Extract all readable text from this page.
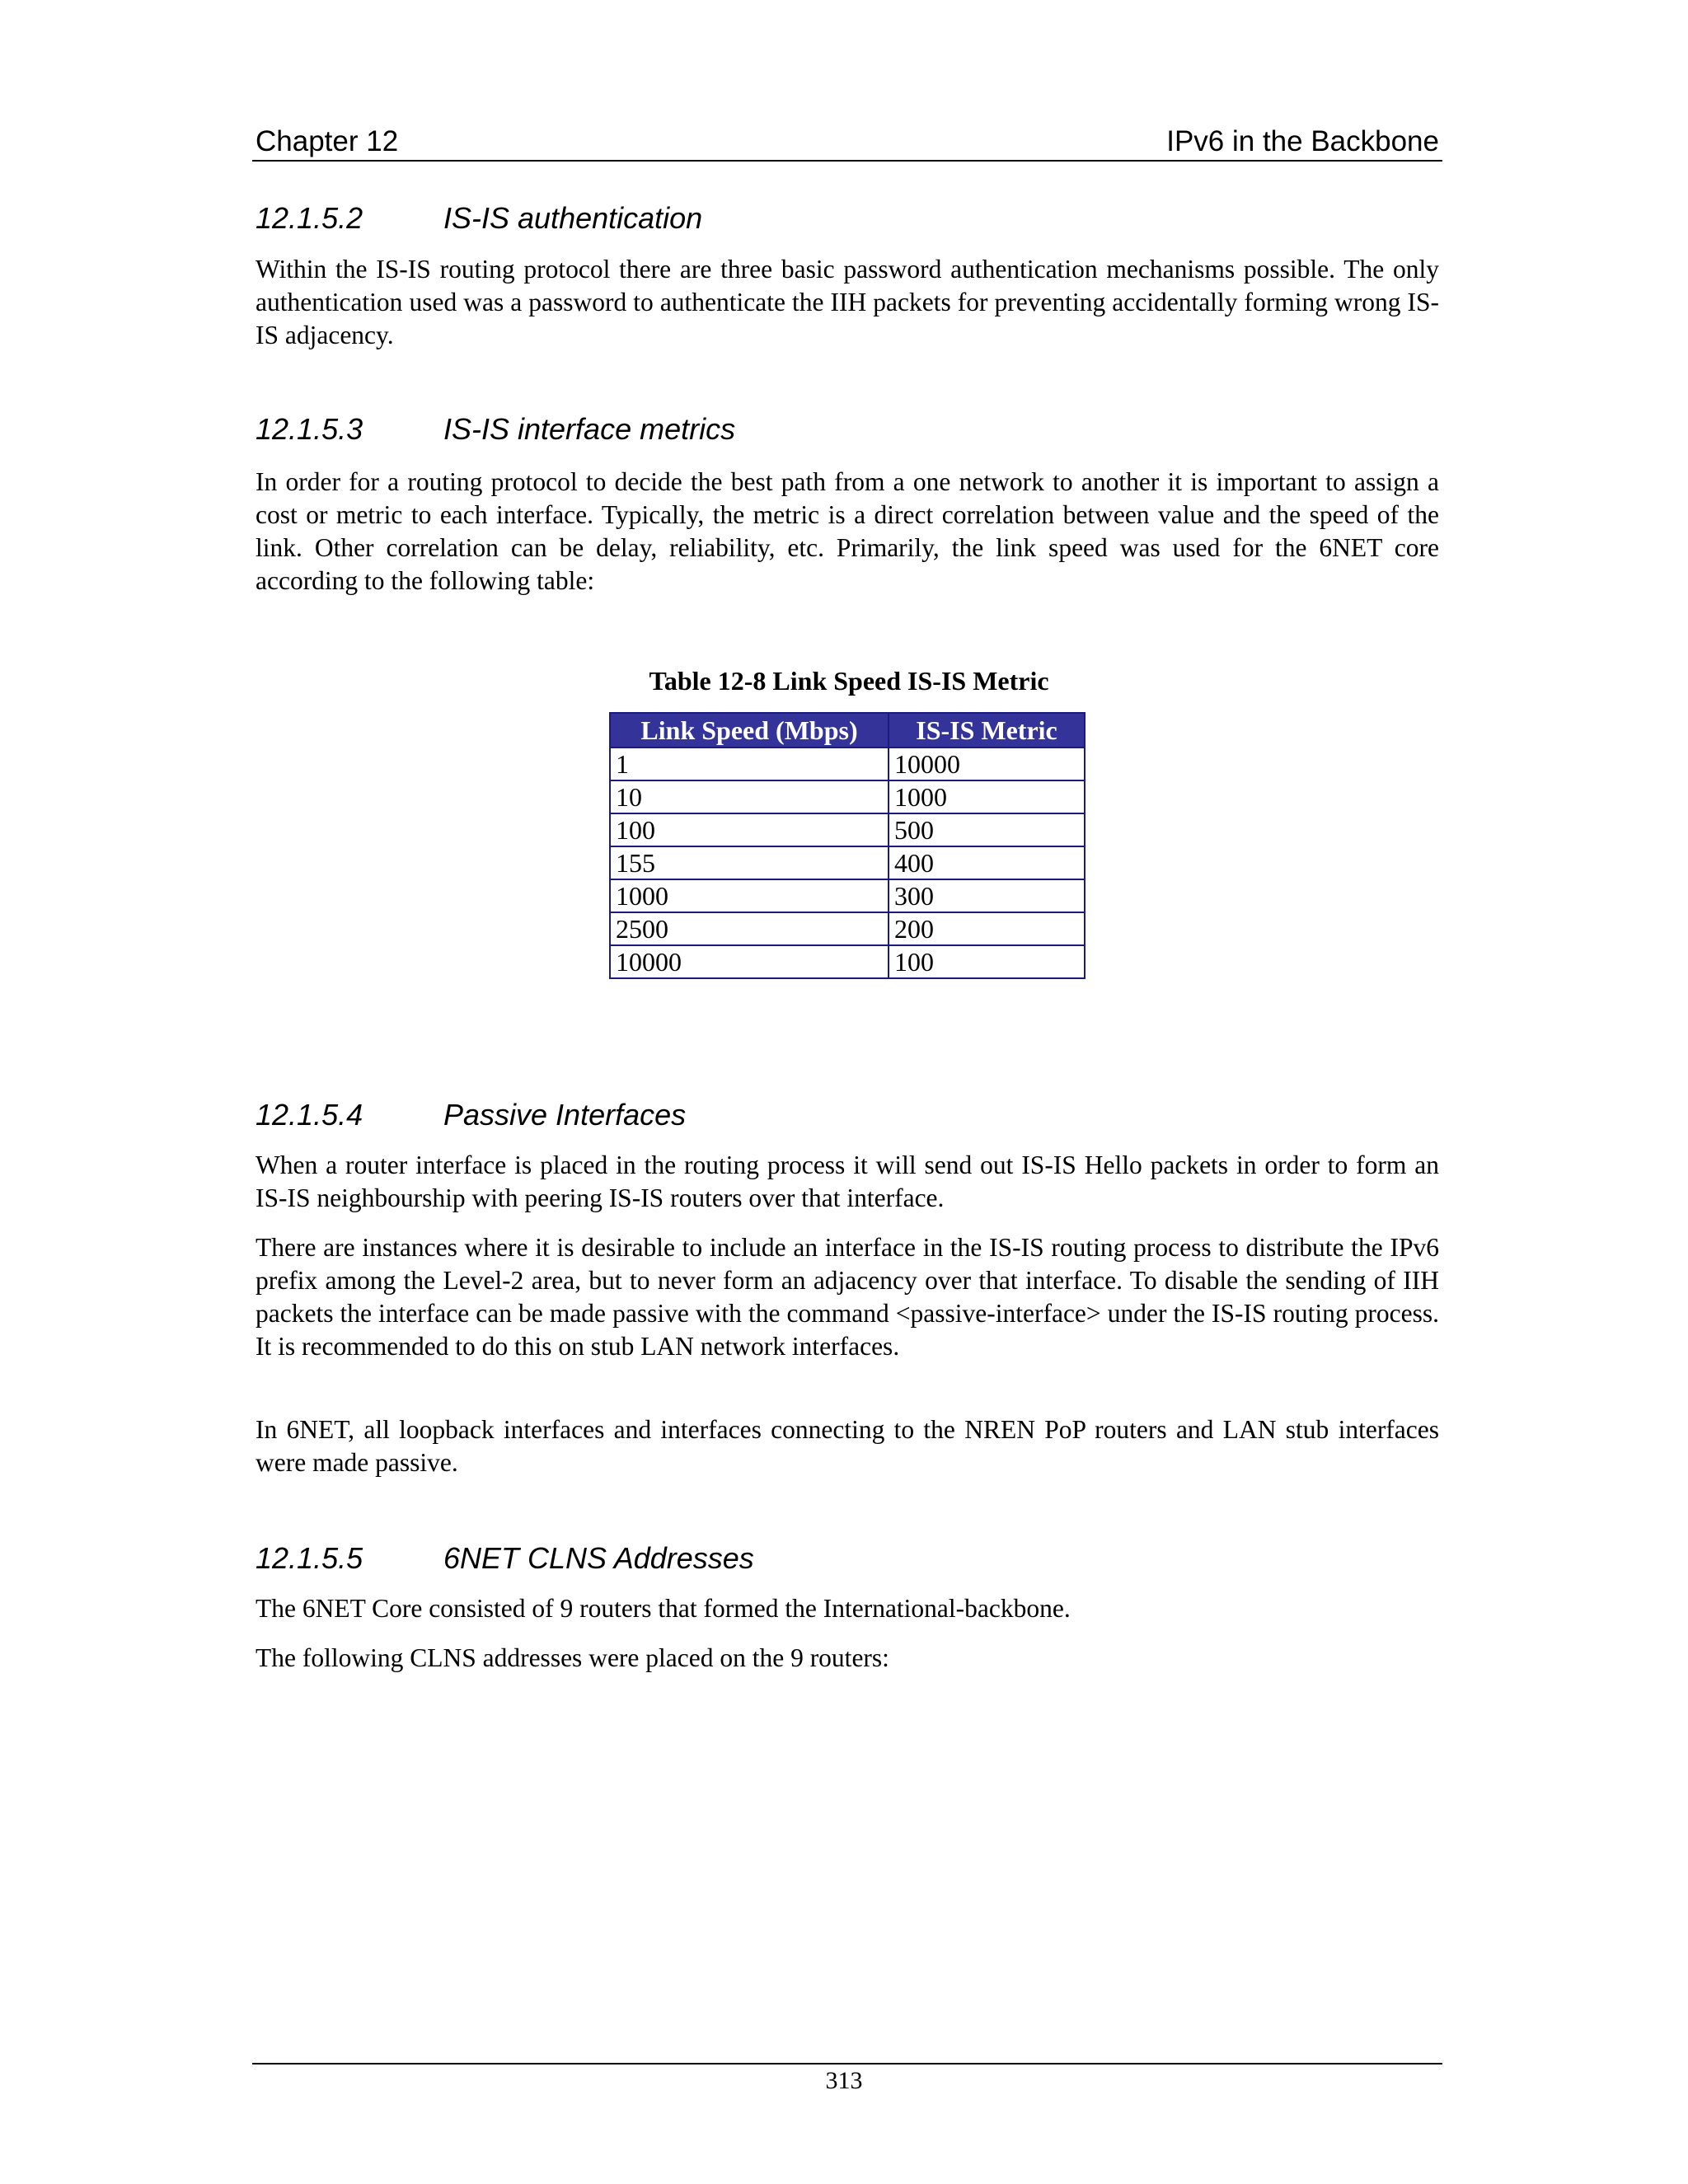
Chapter 12	IPv6 in the Backbone
12.1.5.2	IS-IS authentication

Within the IS-IS routing protocol there are three basic password authentication mechanisms possible. The only authentication used was a password to authenticate the IIH packets for preventing accidentally forming wrong IS-IS adjacency.

12.1.5.3	IS-IS interface metrics

In order for a routing protocol to decide the best path from a one network to another it is important to assign a cost or metric to each interface. Typically, the metric is a direct correlation between value and the speed of the link. Other correlation can be delay, reliability, etc. Primarily, the link speed was used for the 6NET core according to the following table:

Table 12-8 Link Speed IS-IS Metric
Link Speed (Mbps)	IS-IS Metric
1	10000
10	1000
100	500
155	400
1000	300
2500	200
10000	100
12.1.5.4	Passive Interfaces

When a router interface is placed in the routing process it will send out IS-IS Hello packets in order to form an IS-IS neighbourship with peering IS-IS routers over that interface.

There are instances where it is desirable to include an interface in the IS-IS routing process to distribute the IPv6 prefix among the Level-2 area, but to never form an adjacency over that interface. To disable the sending of IIH packets the interface can be made passive with the command <passive-interface> under the IS-IS routing process. It is recommended to do this on stub LAN network interfaces.

In 6NET, all loopback interfaces and interfaces connecting to the NREN PoP routers and LAN stub interfaces were made passive.

12.1.5.5	6NET CLNS Addresses

The 6NET Core consisted of 9 routers that formed the International-backbone.

The following CLNS addresses were placed on the 9 routers:

313
